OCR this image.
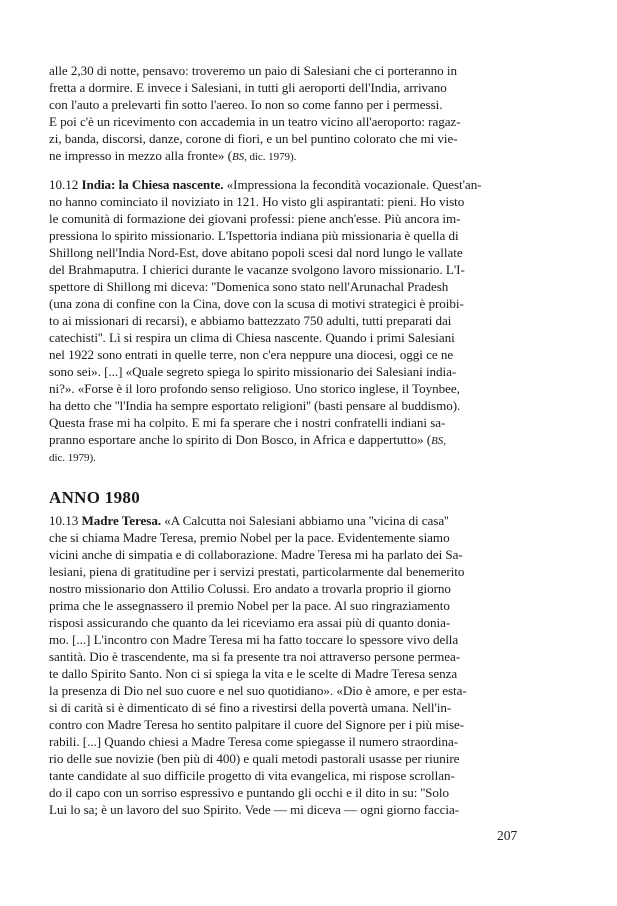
alle 2,30 di notte, pensavo: troveremo un paio di Salesiani che ci porteranno in
fretta a dormire. E invece i Salesiani, in tutti gli aeroporti dell'India, arrivano
con l'auto a prelevarti fin sotto l'aereo. Io non so come fanno per i permessi.
E poi c'è un ricevimento con accademia in un teatro vicino all'aeroporto: ragaz-
zi, banda, discorsi, danze, corone di fiori, e un bel puntino colorato che mi vie-
ne impresso in mezzo alla fronte» (BS, dic. 1979).
10.12 India: la Chiesa nascente. «Impressiona la fecondità vocazionale. Quest'an-
no hanno cominciato il noviziato in 121. Ho visto gli aspirantati: pieni. Ho visto
le comunità di formazione dei giovani professi: piene anch'esse. Più ancora im-
pressiona lo spirito missionario. L'Ispettoria indiana più missionaria è quella di
Shillong nell'India Nord-Est, dove abitano popoli scesi dal nord lungo le vallate
del Brahmaputra. I chierici durante le vacanze svolgono lavoro missionario. L'I-
spettore di Shillong mi diceva: ''Domenica sono stato nell'Arunachal Pradesh
(una zona di confine con la Cina, dove con la scusa di motivi strategici è proibi-
to ai missionari di recarsi), e abbiamo battezzato 750 adulti, tutti preparati dai
catechisti''. Lì si respira un clima di Chiesa nascente. Quando i primi Salesiani
nel 1922 sono entrati in quelle terre, non c'era neppure una diocesi, oggi ce ne
sono sei». [...] «Quale segreto spiega lo spirito missionario dei Salesiani india-
ni?». «Forse è il loro profondo senso religioso. Uno storico inglese, il Toynbee,
ha detto che ''l'India ha sempre esportato religioni'' (basti pensare al buddismo).
Questa frase mi ha colpito. E mi fa sperare che i nostri confratelli indiani sa-
pranno esportare anche lo spirito di Don Bosco, in Africa e dappertutto» (BS,
dic. 1979).
ANNO 1980
10.13 Madre Teresa. «A Calcutta noi Salesiani abbiamo una ''vicina di casa''
che si chiama Madre Teresa, premio Nobel per la pace. Evidentemente siamo
vicini anche di simpatia e di collaborazione. Madre Teresa mi ha parlato dei Sa-
lesiani, piena di gratitudine per i servizi prestati, particolarmente dal benemerito
nostro missionario don Attilio Colussi. Ero andato a trovarla proprio il giorno
prima che le assegnassero il premio Nobel per la pace. Al suo ringraziamento
risposi assicurando che quanto da lei riceviamo era assai più di quanto donia-
mo. [...] L'incontro con Madre Teresa mi ha fatto toccare lo spessore vivo della
santità. Dio è trascendente, ma si fa presente tra noi attraverso persone permea-
te dallo Spirito Santo. Non ci si spiega la vita e le scelte di Madre Teresa senza
la presenza di Dio nel suo cuore e nel suo quotidiano». «Dio è amore, e per esta-
si di carità si è dimenticato di sé fino a rivestirsi della povertà umana. Nell'in-
contro con Madre Teresa ho sentito palpitare il cuore del Signore per i più mise-
rabili. [...] Quando chiesi a Madre Teresa come spiegasse il numero straordina-
rio delle sue novizie (ben più di 400) e quali metodi pastorali usasse per riunire
tante candidate al suo difficile progetto di vita evangelica, mi rispose scrollan-
do il capo con un sorriso espressivo e puntando gli occhi e il dito in su: ''Solo
Lui lo sa; è un lavoro del suo Spirito. Vede — mi diceva — ogni giorno faccia-
207
